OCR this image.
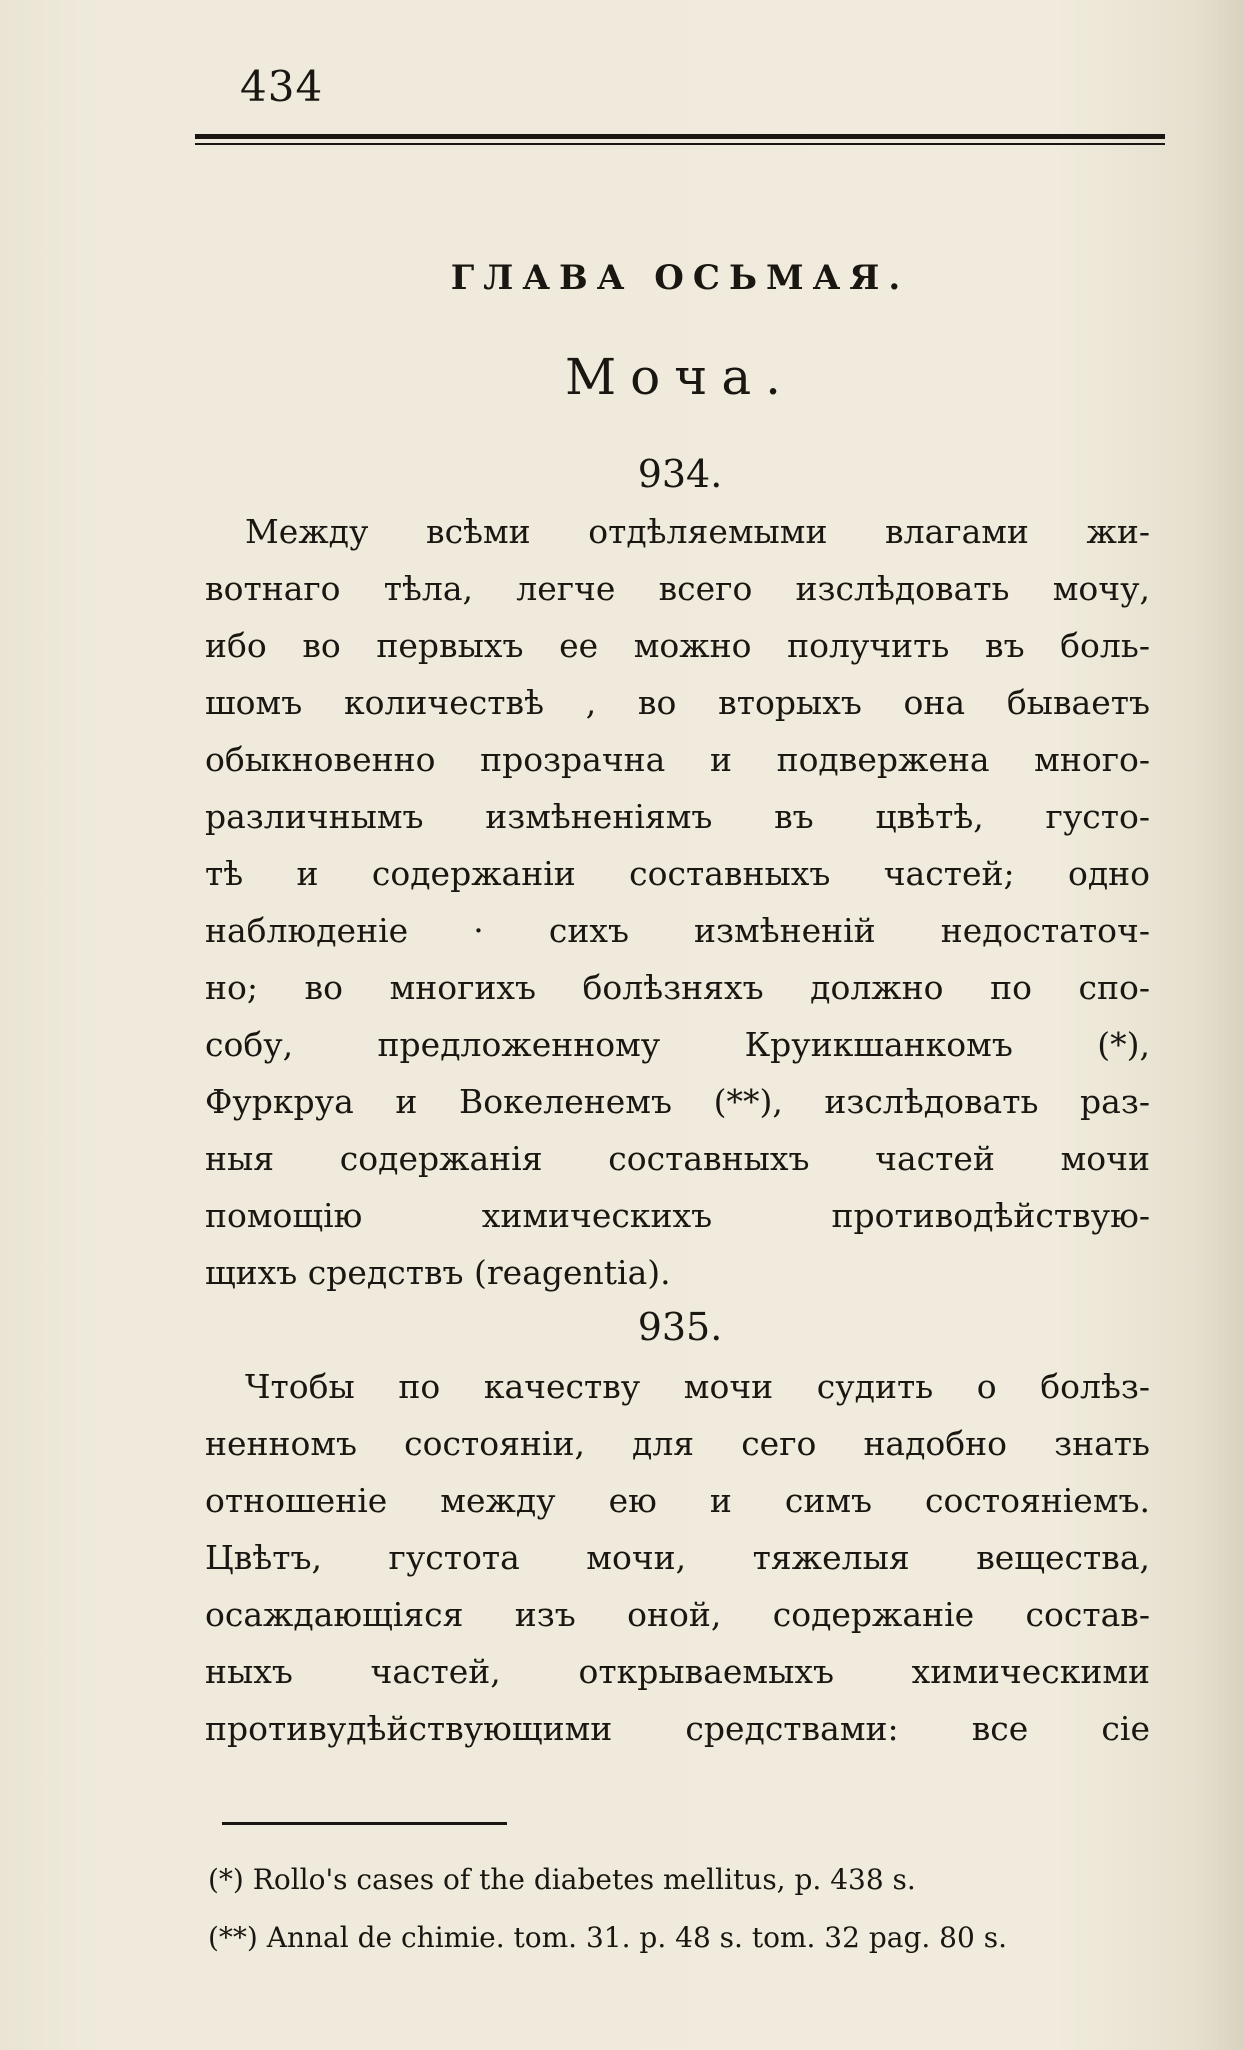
434
ГЛАВА ОСЬМАЯ.
Моча.
934.
Между всѣми отдѣляемыми влагами жи-
вотнаго тѣла, легче всего изслѣдовать мочу,
ибо во первыхъ ее можно получить въ боль-
шомъ количествѣ , во вторыхъ она бываетъ
обыкновенно прозрачна и подвержена много-
различнымъ измѣненіямъ въ цвѣтѣ, густо-
тѣ и содержаніи составныхъ частей; одно
наблюденіе · сихъ измѣненій недостаточ-
но; во многихъ болѣзняхъ должно по спо-
собу, предложенному Круикшанкомъ (*),
Фуркруа и Вокеленемъ (**), изслѣдовать раз-
ныя содержанія составныхъ частей мочи
помощію химическихъ противодѣйствую-
щихъ средствъ (reagentia).
935.
Чтобы по качеству мочи судить о болѣз-
ненномъ состояніи, для сего надобно знать
отношеніе между ею и симъ состояніемъ.
Цвѣтъ, густота мочи, тяжелыя вещества,
осаждающіяся изъ оной, содержаніе состав-
ныхъ частей, открываемыхъ химическими
противудѣйствующими средствами: все сіе
(*) Rollo's cases of the diabetes mellitus, p. 438 s.
(**) Annal de chimie. tom. 31. p. 48 s. tom. 32 pag. 80 s.
